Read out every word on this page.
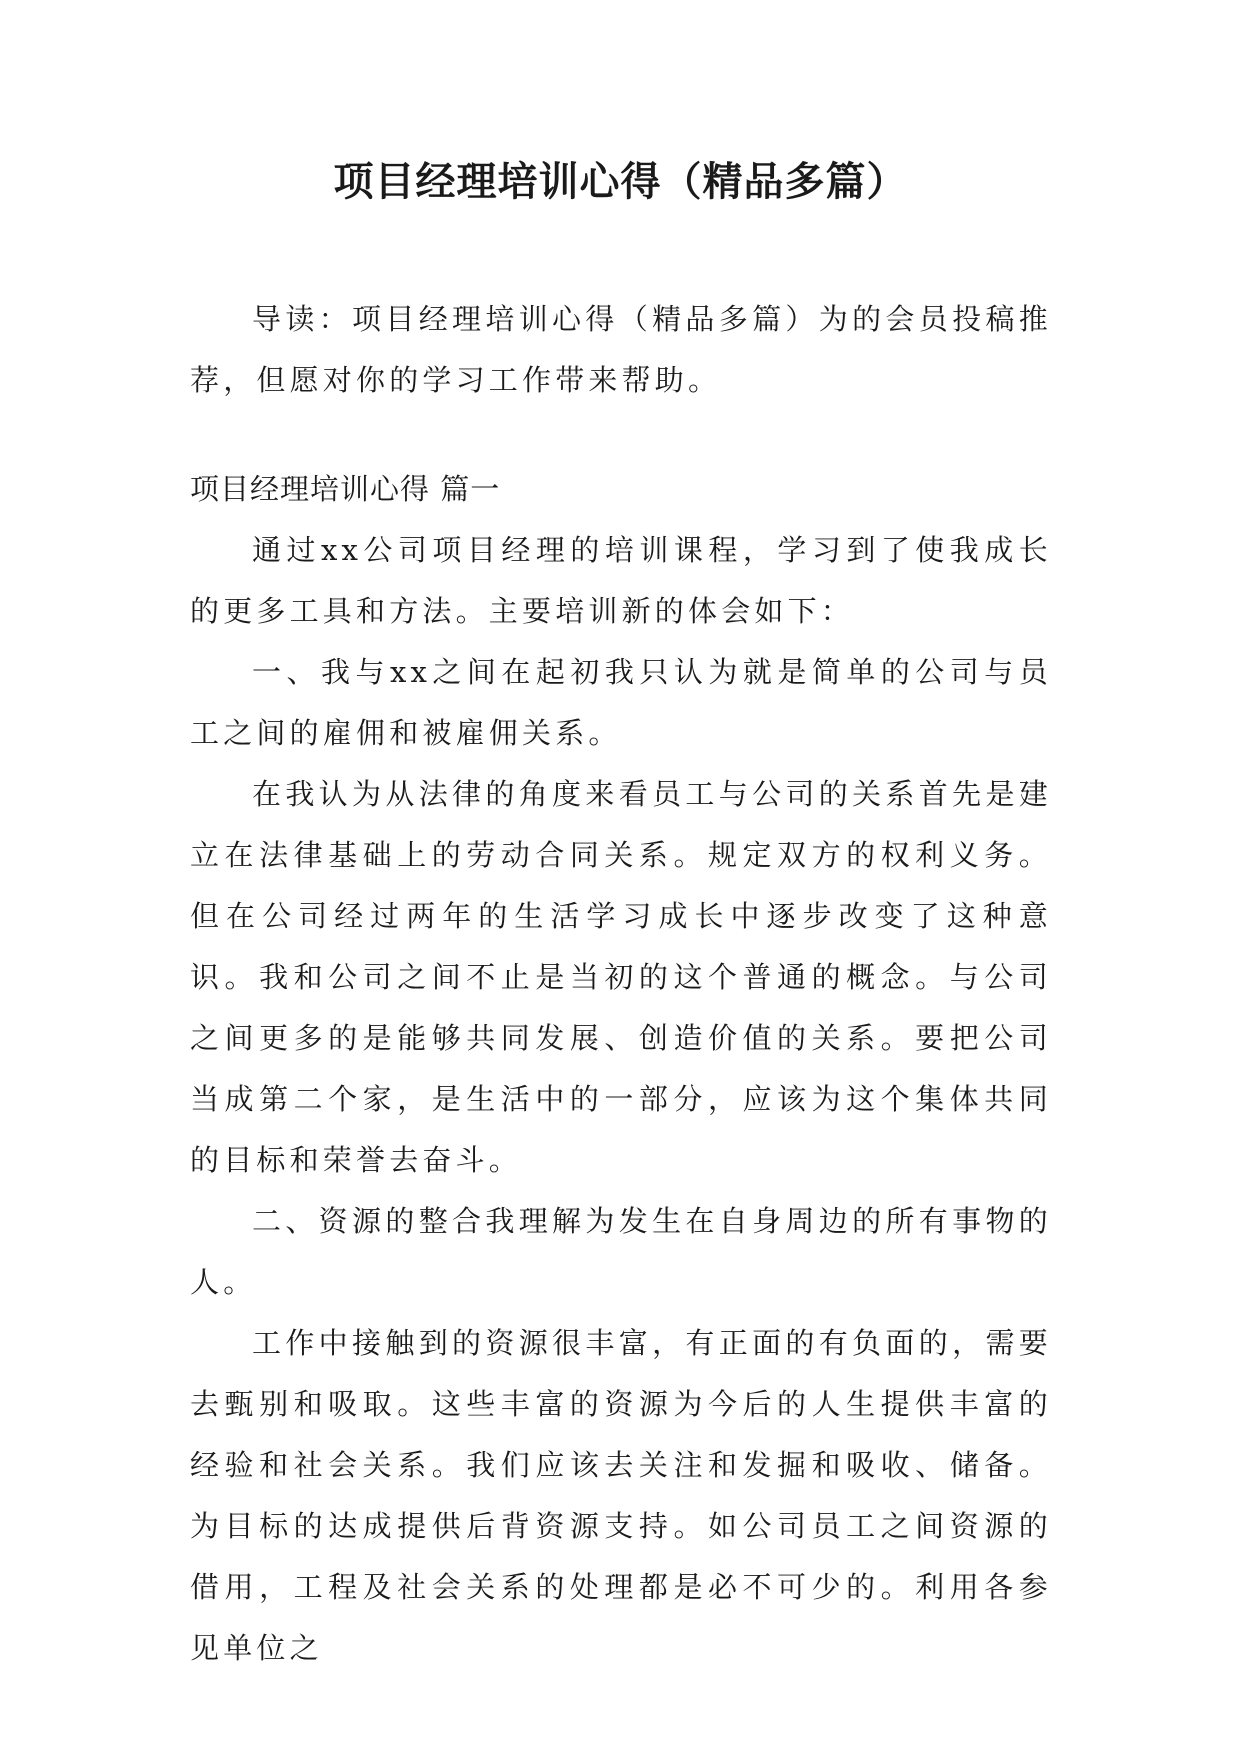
项目经理培训心得（精品多篇）

导读：项目经理培训心得（精品多篇）为的会员投稿推荐，但愿对你的学习工作带来帮助。

项目经理培训心得 篇一

通过xx公司项目经理的培训课程，学习到了使我成长的更多工具和方法。主要培训新的体会如下：

一、我与xx之间在起初我只认为就是简单的公司与员工之间的雇佣和被雇佣关系。

在我认为从法律的角度来看员工与公司的关系首先是建立在法律基础上的劳动合同关系。规定双方的权利义务。但在公司经过两年的生活学习成长中逐步改变了这种意识。我和公司之间不止是当初的这个普通的概念。与公司之间更多的是能够共同发展、创造价值的关系。要把公司当成第二个家，是生活中的一部分，应该为这个集体共同的目标和荣誉去奋斗。

二、资源的整合我理解为发生在自身周边的所有事物的人。

工作中接触到的资源很丰富，有正面的有负面的，需要去甄别和吸取。这些丰富的资源为今后的人生提供丰富的经验和社会关系。我们应该去关注和发掘和吸收、储备。为目标的达成提供后背资源支持。如公司员工之间资源的借用，工程及社会关系的处理都是必不可少的。利用各参见单位之
